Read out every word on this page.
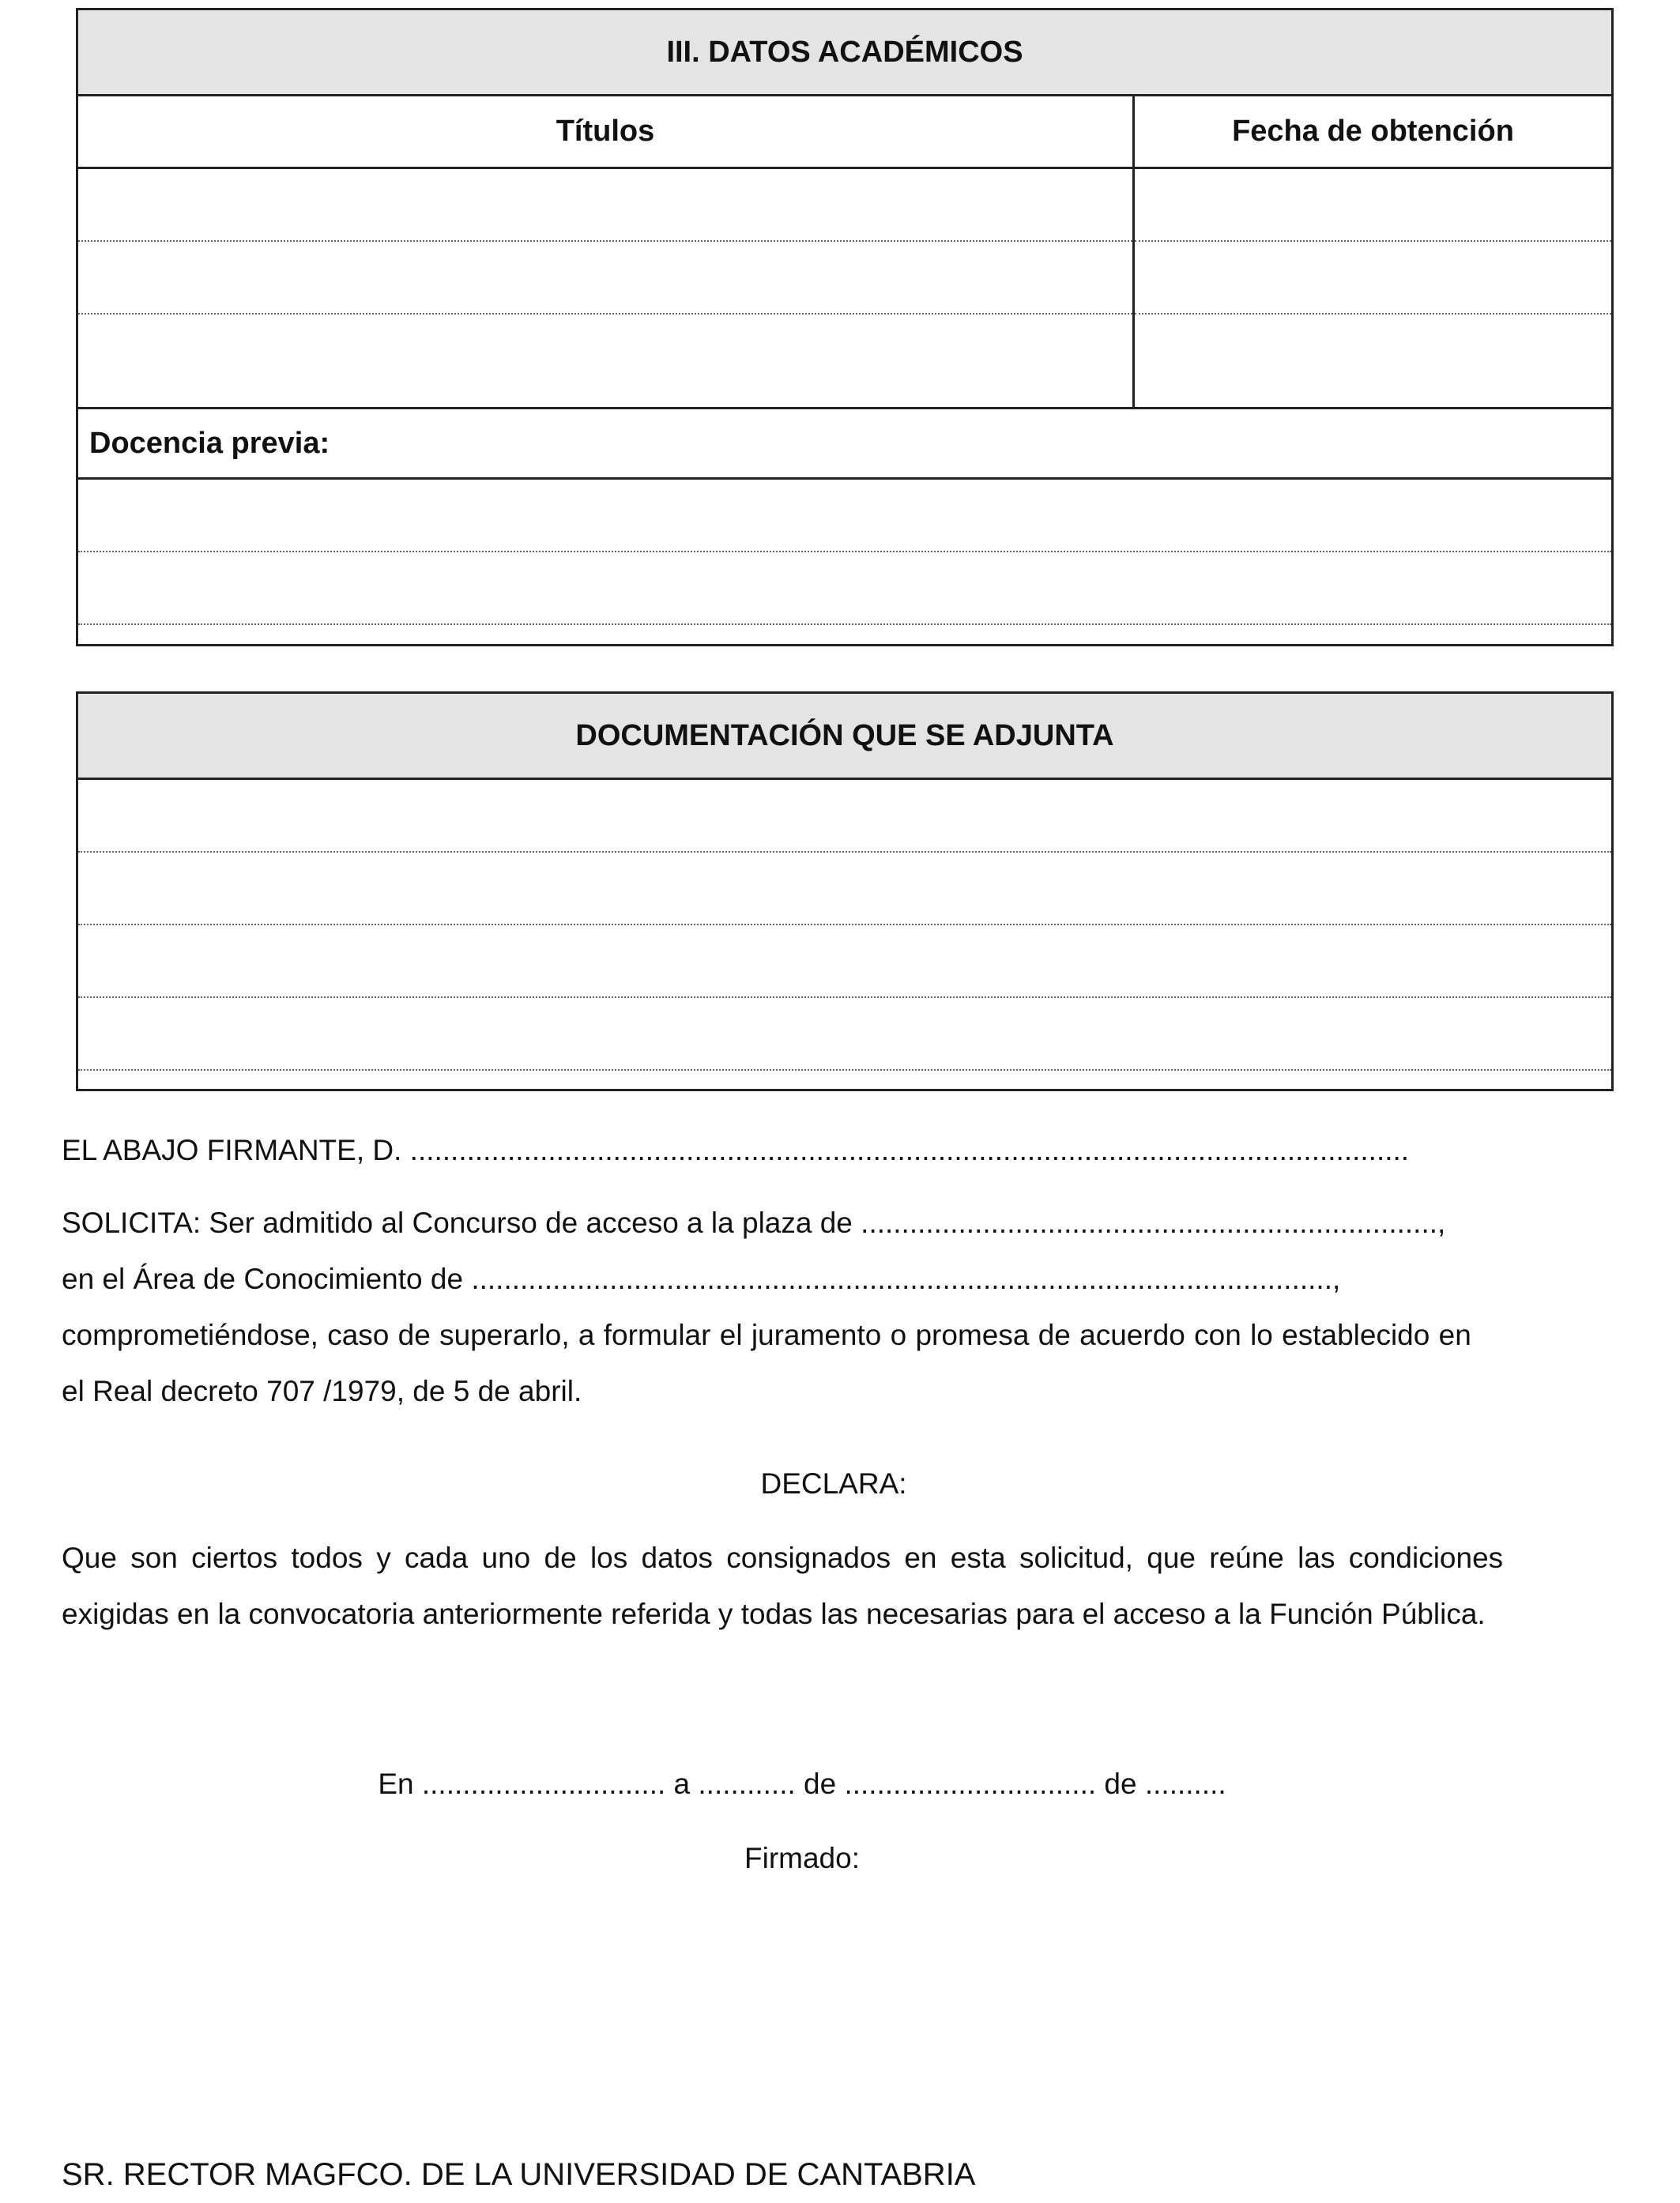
III. DATOS ACADÉMICOS
Títulos	Fecha de obtención
Docencia previa:
DOCUMENTACIÓN QUE SE ADJUNTA
EL ABAJO FIRMANTE, D. ...........................................................................................................................
SOLICITA: Ser admitido al Concurso de acceso a la plaza de .......................................................................,
en el Área de Conocimiento de ..........................................................................................................,
comprometiéndose, caso de superarlo, a formular el juramento o promesa de acuerdo con lo establecido en
el Real decreto 707 /1979, de 5 de abril.
DECLARA:
Que son ciertos todos y cada uno de los datos consignados en esta solicitud, que reúne las condiciones
exigidas en la convocatoria anteriormente referida y todas las necesarias para el acceso a la Función Pública.
En .............................. a ............ de ............................... de ..........
Firmado:
SR. RECTOR MAGFCO. DE LA UNIVERSIDAD DE CANTABRIA
